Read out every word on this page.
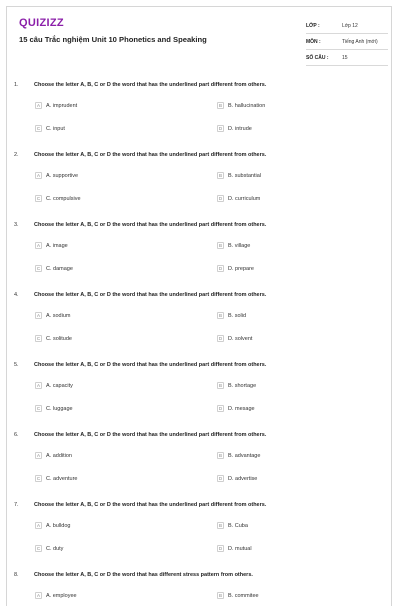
QUIZIZZ
15 câu Trắc nghiệm Unit 10 Phonetics and Speaking
LỚP :	Lớp 12
MÔN :	Tiếng Anh (mới)
SỐ CÂU :	15
1.	Choose the letter A, B, C or D the word that has the underlined part different from others.
A	A. imprudent	B	B. hallucination
C	C. input	D	D. intrude
2.	Choose the letter A, B, C or D the word that has the underlined part different from others.
A	A. supportive	B	B. substantial
C	C. compulsive	D	D. curriculum
3.	Choose the letter A, B, C or D the word that has the underlined part different from others.
A	A. image	B	B. village
C	C. damage	D	D. prepare
4.	Choose the letter A, B, C or D the word that has the underlined part different from others.
A	A. sodium	B	B. solid
C	C. solitude	D	D. solvent
5.	Choose the letter A, B, C or D the word that has the underlined part different from others.
A	A. capacity	B	B. shortage
C	C. luggage	D	D. mesage
6.	Choose the letter A, B, C or D the word that has the underlined part different from others.
A	A. addition	B	B. advantage
C	C. adventure	D	D. advertise
7.	Choose the letter A, B, C or D the word that has the underlined part different from others.
A	A. bulldog	B	B. Cuba
C	C. duty	D	D. mutual
8.	Choose the letter A, B, C or D the word that has different stress pattern from others.
A	A. employee	B	B. commitee
